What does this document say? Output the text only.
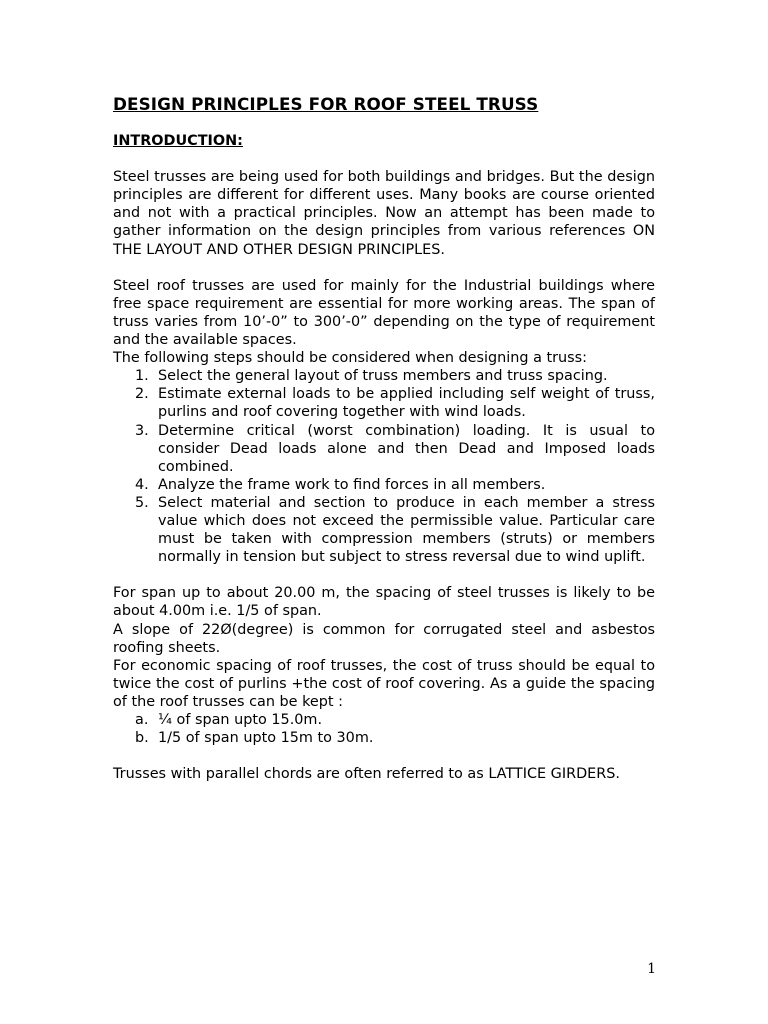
DESIGN PRINCIPLES FOR ROOF STEEL TRUSS
INTRODUCTION:

Steel trusses are being used for both buildings and bridges. But the design principles are different for different uses. Many books are course oriented and not with a practical principles. Now an attempt has been made to gather information on the design principles from various references ON THE LAYOUT AND OTHER DESIGN PRINCIPLES.

Steel roof trusses are used for mainly for the Industrial buildings where free space requirement are essential for more working areas. The span of truss varies from 10’-0” to 300’-0” depending on the type of requirement and the available spaces.

The following steps should be considered when designing a truss:

1. Select the general layout of truss members and truss spacing.
2. Estimate external loads to be applied including self weight of truss, purlins and roof covering together with wind loads.
3. Determine critical (worst combination) loading. It is usual to consider Dead loads alone and then Dead and Imposed loads combined.
4. Analyze the frame work to find forces in all members.
5. Select material and section to produce in each member a stress value which does not exceed the permissible value. Particular care must be taken with compression members (struts) or members normally in tension but subject to stress reversal due to wind uplift.

For span up to about 20.00 m, the spacing of steel trusses is likely to be about 4.00m i.e. 1/5 of span.

A slope of 22Ø(degree) is common for corrugated steel and asbestos roofing sheets.

For economic spacing of roof trusses, the cost of truss should be equal to twice the cost of purlins +the cost of roof covering. As a guide the spacing of the roof trusses can be kept :

a. ¼ of span upto 15.0m.
b. 1/5 of span upto 15m to 30m.

Trusses with parallel chords are often referred to as LATTICE GIRDERS.

1
